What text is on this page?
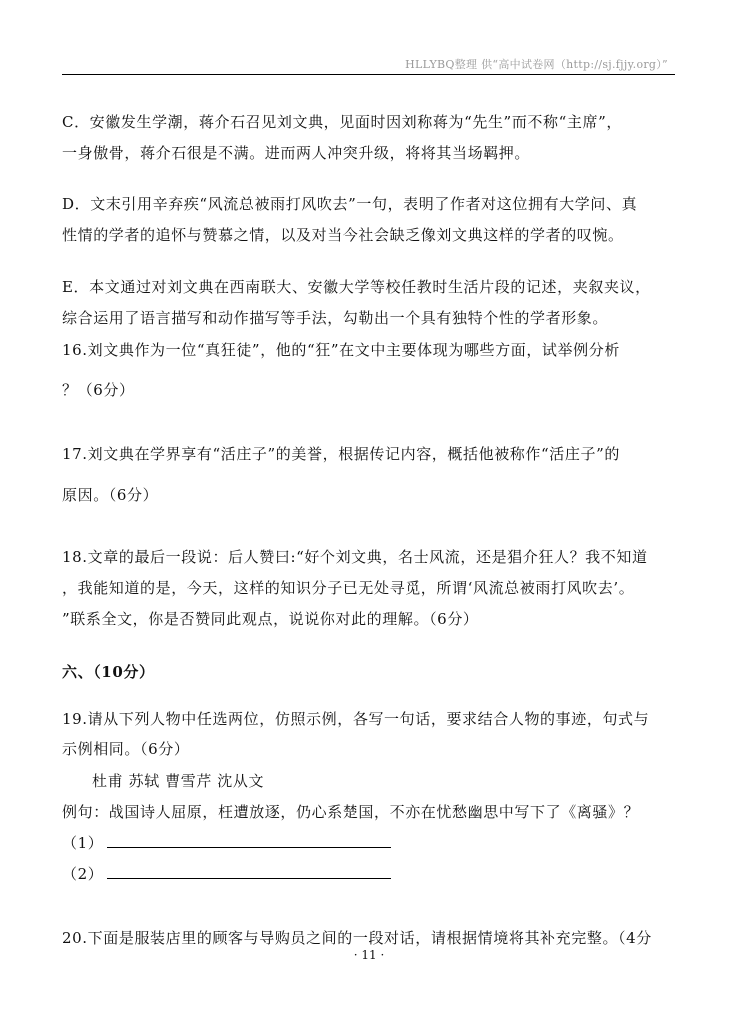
HLLYBQ整理 供“高中试卷网（http://sj.fjjy.org）”
C．安徽发生学潮，蒋介石召见刘文典，见面时因刘称蒋为“先生”而不称“主席”，
一身傲骨，蒋介石很是不满。进而两人冲突升级，将将其当场羁押。
D．文末引用辛弃疾“风流总被雨打风吹去”一句，表明了作者对这位拥有大学问、真
性情的学者的追怀与赞慕之情，以及对当今社会缺乏像刘文典这样的学者的叹惋。
E．本文通过对刘文典在西南联大、安徽大学等校任教时生活片段的记述，夹叙夹议，
综合运用了语言描写和动作描写等手法，勾勒出一个具有独特个性的学者形象。
16.刘文典作为一位“真狂徒”，他的“狂”在文中主要体现为哪些方面，试举例分析
？（6分）
17.刘文典在学界享有“活庄子”的美誉，根据传记内容，概括他被称作“活庄子”的
原因。（6分）
18.文章的最后一段说：后人赞曰:“好个刘文典，名士风流，还是猖介狂人？我不知道
，我能知道的是，今天，这样的知识分子已无处寻觅，所谓‘风流总被雨打风吹去’。
”联系全文，你是否赞同此观点，说说你对此的理解。（6分）
六、（10分）
19.请从下列人物中任选两位，仿照示例，各写一句话，要求结合人物的事迹，句式与
示例相同。（6分）
杜甫 苏轼 曹雪芹 沈从文
例句：战国诗人屈原，枉遭放逐，仍心系楚国，不亦在忧愁幽思中写下了《离骚》？
（1）
（2）
20.下面是服装店里的顾客与导购员之间的一段对话，请根据情境将其补充完整。（4分
· 11 ·
